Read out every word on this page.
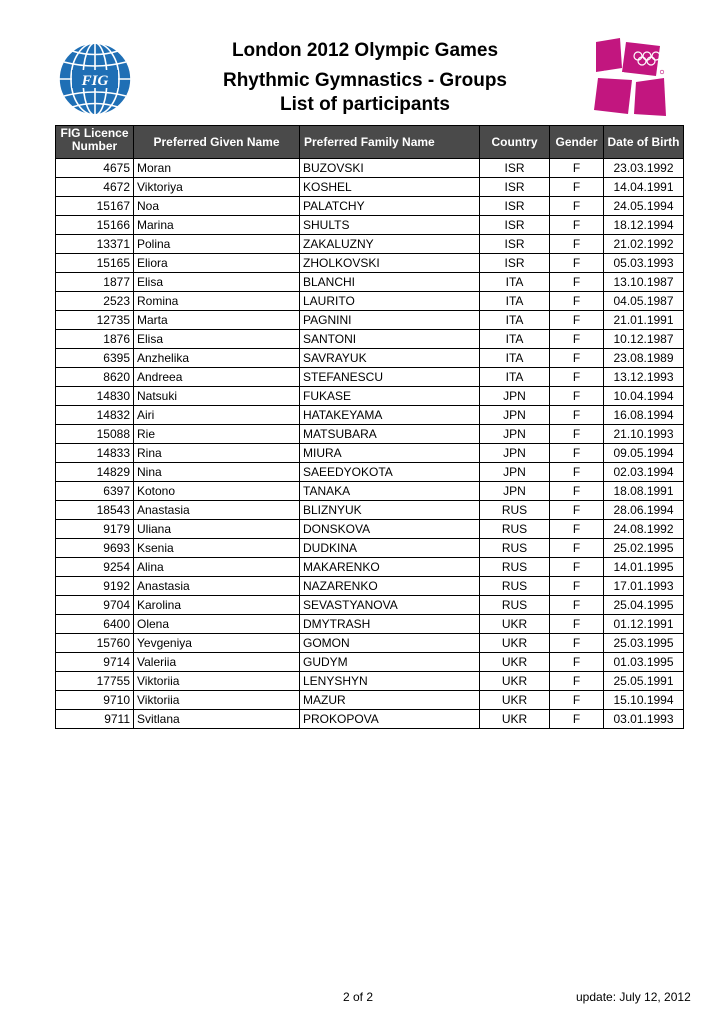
FIG	london
London 2012 Olympic Games
Rhythmic Gymnastics - Groups
List of participants
FIG Licence
Number	Preferred Given Name	Preferred Family Name	Country	Gender	Date of Birth
4675	Moran	BUZOVSKI	ISR	F	23.03.1992
4672	Viktoriya	KOSHEL	ISR	F	14.04.1991
15167	Noa	PALATCHY	ISR	F	24.05.1994
15166	Marina	SHULTS	ISR	F	18.12.1994
13371	Polina	ZAKALUZNY	ISR	F	21.02.1992
15165	Eliora	ZHOLKOVSKI	ISR	F	05.03.1993
1877	Elisa	BLANCHI	ITA	F	13.10.1987
2523	Romina	LAURITO	ITA	F	04.05.1987
12735	Marta	PAGNINI	ITA	F	21.01.1991
1876	Elisa	SANTONI	ITA	F	10.12.1987
6395	Anzhelika	SAVRAYUK	ITA	F	23.08.1989
8620	Andreea	STEFANESCU	ITA	F	13.12.1993
14830	Natsuki	FUKASE	JPN	F	10.04.1994
14832	Airi	HATAKEYAMA	JPN	F	16.08.1994
15088	Rie	MATSUBARA	JPN	F	21.10.1993
14833	Rina	MIURA	JPN	F	09.05.1994
14829	Nina	SAEEDYOKOTA	JPN	F	02.03.1994
6397	Kotono	TANAKA	JPN	F	18.08.1991
18543	Anastasia	BLIZNYUK	RUS	F	28.06.1994
9179	Uliana	DONSKOVA	RUS	F	24.08.1992
9693	Ksenia	DUDKINA	RUS	F	25.02.1995
9254	Alina	MAKARENKO	RUS	F	14.01.1995
9192	Anastasia	NAZARENKO	RUS	F	17.01.1993
9704	Karolina	SEVASTYANOVA	RUS	F	25.04.1995
6400	Olena	DMYTRASH	UKR	F	01.12.1991
15760	Yevgeniya	GOMON	UKR	F	25.03.1995
9714	Valeriia	GUDYM	UKR	F	01.03.1995
17755	Viktoriia	LENYSHYN	UKR	F	25.05.1991
9710	Viktoriia	MAZUR	UKR	F	15.10.1994
9711	Svitlana	PROKOPOVA	UKR	F	03.01.1993
2 of 2	update: July 12, 2012
